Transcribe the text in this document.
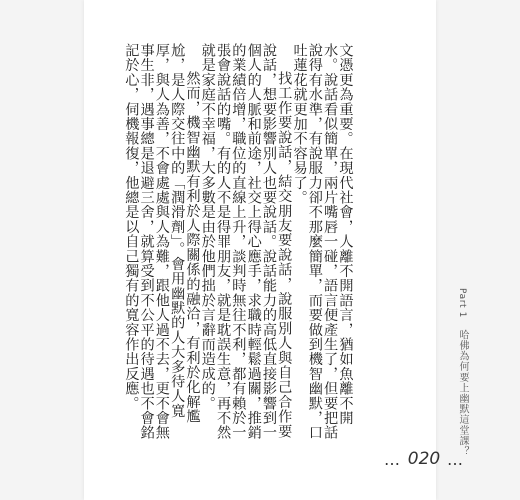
Part 1 哈佛為何要上幽默這堂課？
… 020 …

文憑更為重要。在現代社會，人離不開語言，猶如魚離不開水。說話看似簡單，兩片嘴唇一碰，語言便產生了，但要把話說得有水準，有說服力卻不那麼簡單，而要做到機智幽默，口吐蓮花就更加不容易了。

找工作要說話，結交朋友要說話，說服別人與自己合作要說話，想要影響別人也要說話。說話能力的高低直接影響到一個人的人脈和前途，社交上得心應手，求職時輕鬆過關，推銷的業績倍增，職位的直線上升，談判時無往不利，都有賴於一張會說話的嘴。有的人不是得罪朋友，就是耽誤生意，再不然就是家庭不幸福，大多數是由於他們拙於言辭而造成的。

然而，機智幽默有利於人際關係的融洽，有利於化解尷尬，是人際交往中的「潤滑劑」。會用幽默的人大多待人寬厚，與人為善，不會處處與人為難，跟他人過不去，更不會無事生非，遇事總是退避三舍，就算受到不公平的待遇也不會銘記於心，伺機報復，他總是以自己獨有的寬容作出反應。
